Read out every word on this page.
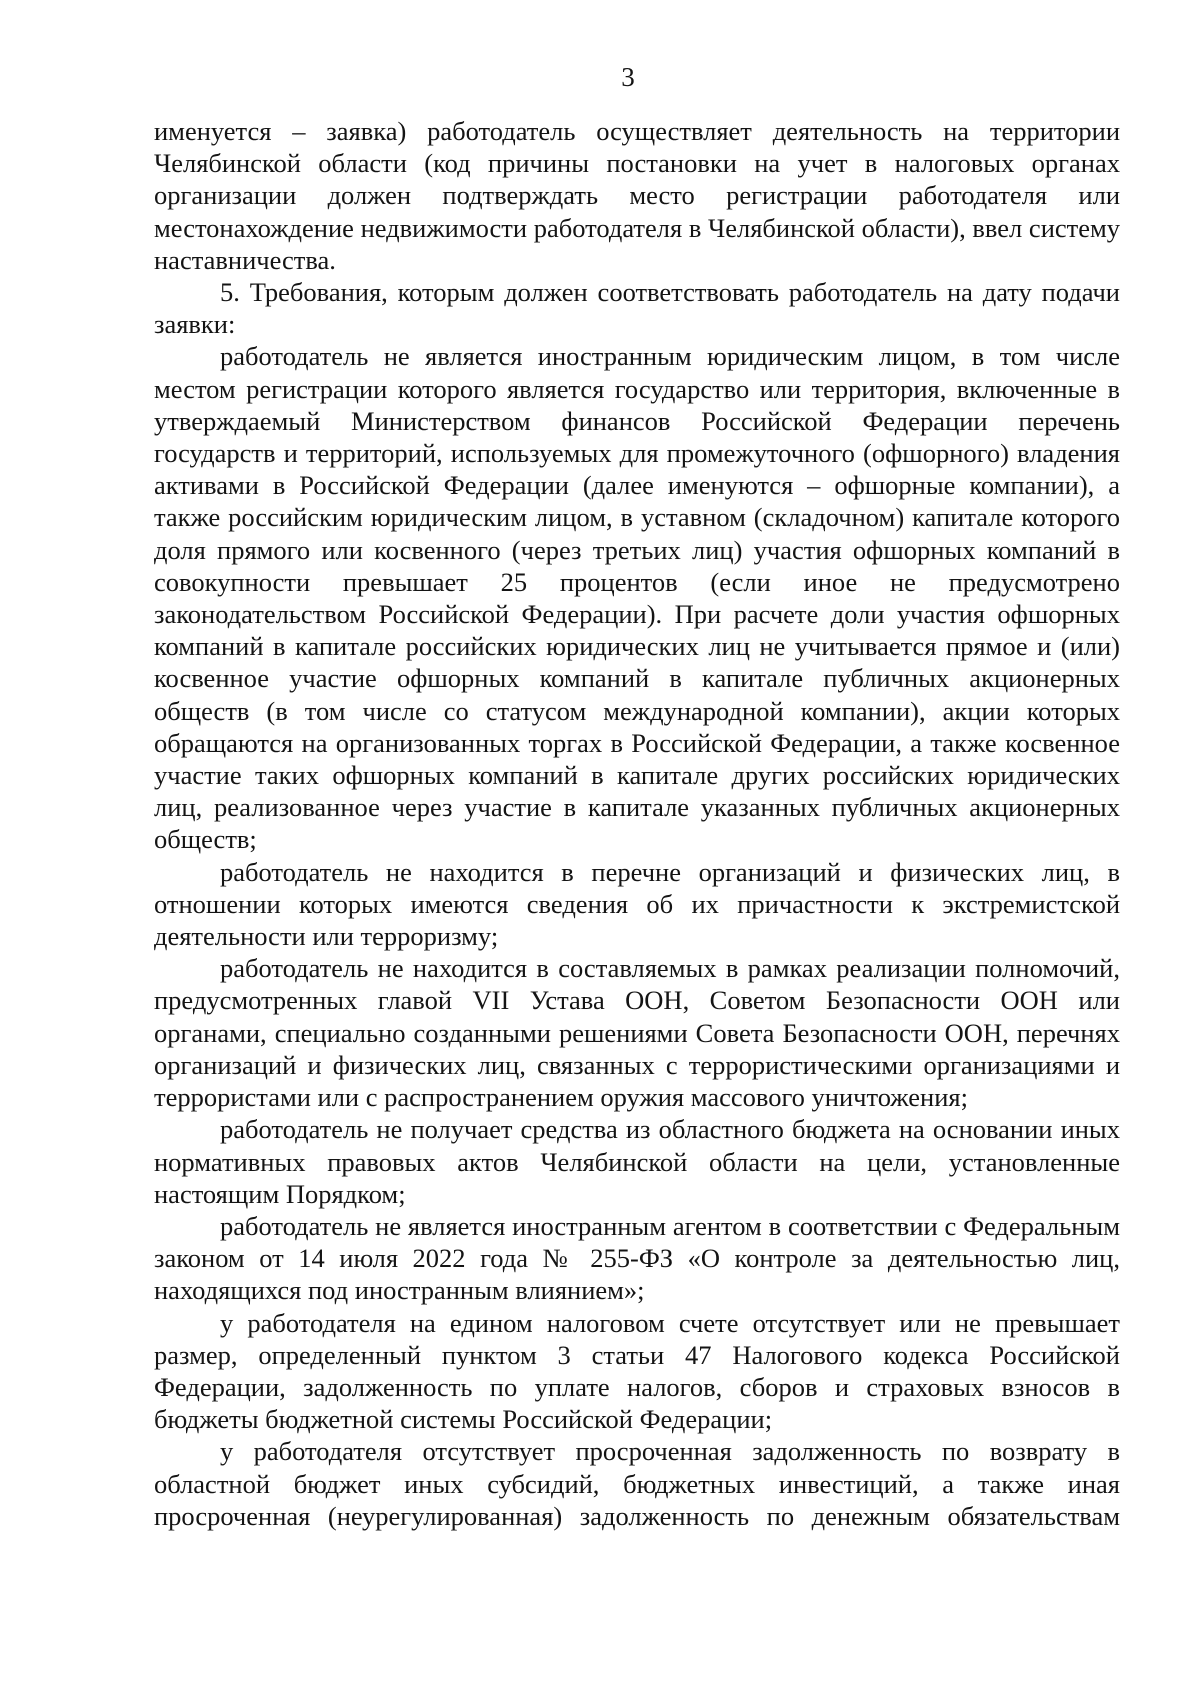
3

именуется – заявка) работодатель осуществляет деятельность на территории Челябинской области (код причины постановки на учет в налоговых органах организации должен подтверждать место регистрации работодателя или местонахождение недвижимости работодателя в Челябинской области), ввел систему наставничества.

5. Требования, которым должен соответствовать работодатель на дату подачи заявки:

работодатель не является иностранным юридическим лицом, в том числе местом регистрации которого является государство или территория, включенные в утверждаемый Министерством финансов Российской Федерации перечень государств и территорий, используемых для промежуточного (офшорного) владения активами в Российской Федерации (далее именуются – офшорные компании), а также российским юридическим лицом, в уставном (складочном) капитале которого доля прямого или косвенного (через третьих лиц) участия офшорных компаний в совокупности превышает 25 процентов (если иное не предусмотрено законодательством Российской Федерации). При расчете доли участия офшорных компаний в капитале российских юридических лиц не учитывается прямое и (или) косвенное участие офшорных компаний в капитале публичных акционерных обществ (в том числе со статусом международной компании), акции которых обращаются на организованных торгах в Российской Федерации, а также косвенное участие таких офшорных компаний в капитале других российских юридических лиц, реализованное через участие в капитале указанных публичных акционерных обществ;

работодатель не находится в перечне организаций и физических лиц, в отношении которых имеются сведения об их причастности к экстремистской деятельности или терроризму;

работодатель не находится в составляемых в рамках реализации полномочий, предусмотренных главой VII Устава ООН, Советом Безопасности ООН или органами, специально созданными решениями Совета Безопасности ООН, перечнях организаций и физических лиц, связанных с террористическими организациями и террористами или с распространением оружия массового уничтожения;

работодатель не получает средства из областного бюджета на основании иных нормативных правовых актов Челябинской области на цели, установленные настоящим Порядком;

работодатель не является иностранным агентом в соответствии с Федеральным законом от 14 июля 2022 года № 255-ФЗ «О контроле за деятельностью лиц, находящихся под иностранным влиянием»;

у работодателя на едином налоговом счете отсутствует или не превышает размер, определенный пунктом 3 статьи 47 Налогового кодекса Российской Федерации, задолженность по уплате налогов, сборов и страховых взносов в бюджеты бюджетной системы Российской Федерации;

у работодателя отсутствует просроченная задолженность по возврату в областной бюджет иных субсидий, бюджетных инвестиций, а также иная просроченная (неурегулированная) задолженность по денежным обязательствам
